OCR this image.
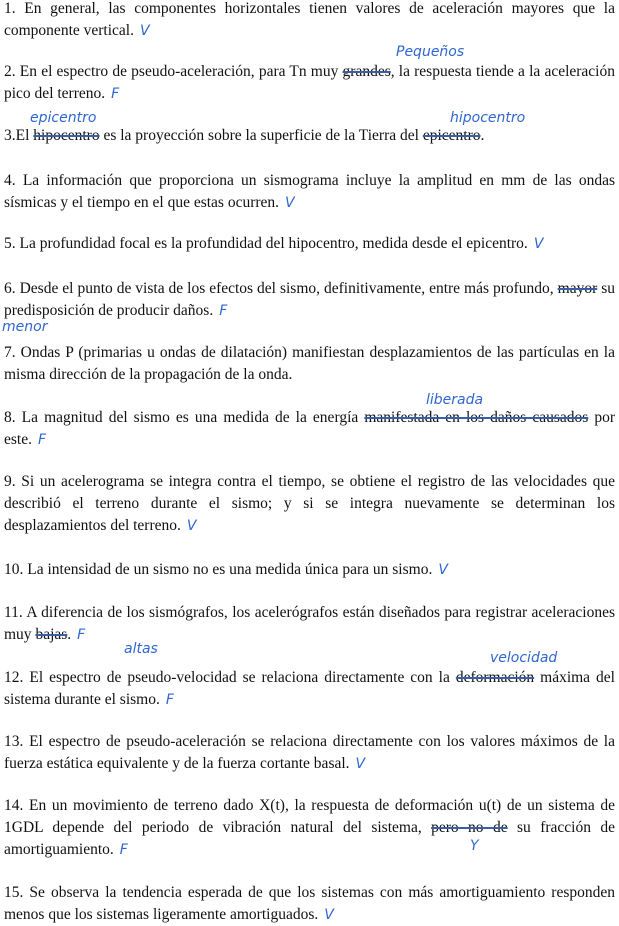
1. En general, las componentes horizontales tienen valores de aceleración mayores que la componente vertical. V

2. En el espectro de pseudo-aceleración, para Tn muy grandes, la respuesta tiende a la aceleración pico del terreno. F

3.El hipocentro es la proyección sobre la superficie de la Tierra del epicentro.

4. La información que proporciona un sismograma incluye la amplitud en mm de las ondas sísmicas y el tiempo en el que estas ocurren. V

5. La profundidad focal es la profundidad del hipocentro, medida desde el epicentro. V

6. Desde el punto de vista de los efectos del sismo, definitivamente, entre más profundo, mayor su predisposición de producir daños. F

7. Ondas P (primarias u ondas de dilatación) manifiestan desplazamientos de las partículas en la misma dirección de la propagación de la onda.

8. La magnitud del sismo es una medida de la energía manifestada en los daños causados por este. F

9. Si un acelerograma se integra contra el tiempo, se obtiene el registro de las velocidades que describió el terreno durante el sismo; y si se integra nuevamente se determinan los desplazamientos del terreno. V

10. La intensidad de un sismo no es una medida única para un sismo. V

11. A diferencia de los sismógrafos, los acelerógrafos están diseñados para registrar aceleraciones muy bajas. F

12. El espectro de pseudo-velocidad se relaciona directamente con la deformación máxima del sistema durante el sismo. F

13. El espectro de pseudo-aceleración se relaciona directamente con los valores máximos de la fuerza estática equivalente y de la fuerza cortante basal. V

14. En un movimiento de terreno dado X(t), la respuesta de deformación u(t) de un sistema de 1GDL depende del periodo de vibración natural del sistema, pero no de su fracción de amortiguamiento. F

15. Se observa la tendencia esperada de que los sistemas con más amortiguamiento responden menos que los sistemas ligeramente amortiguados. V

Pequeños
epicentro	hipocentro
menor
liberada
altas
velocidad
Y
